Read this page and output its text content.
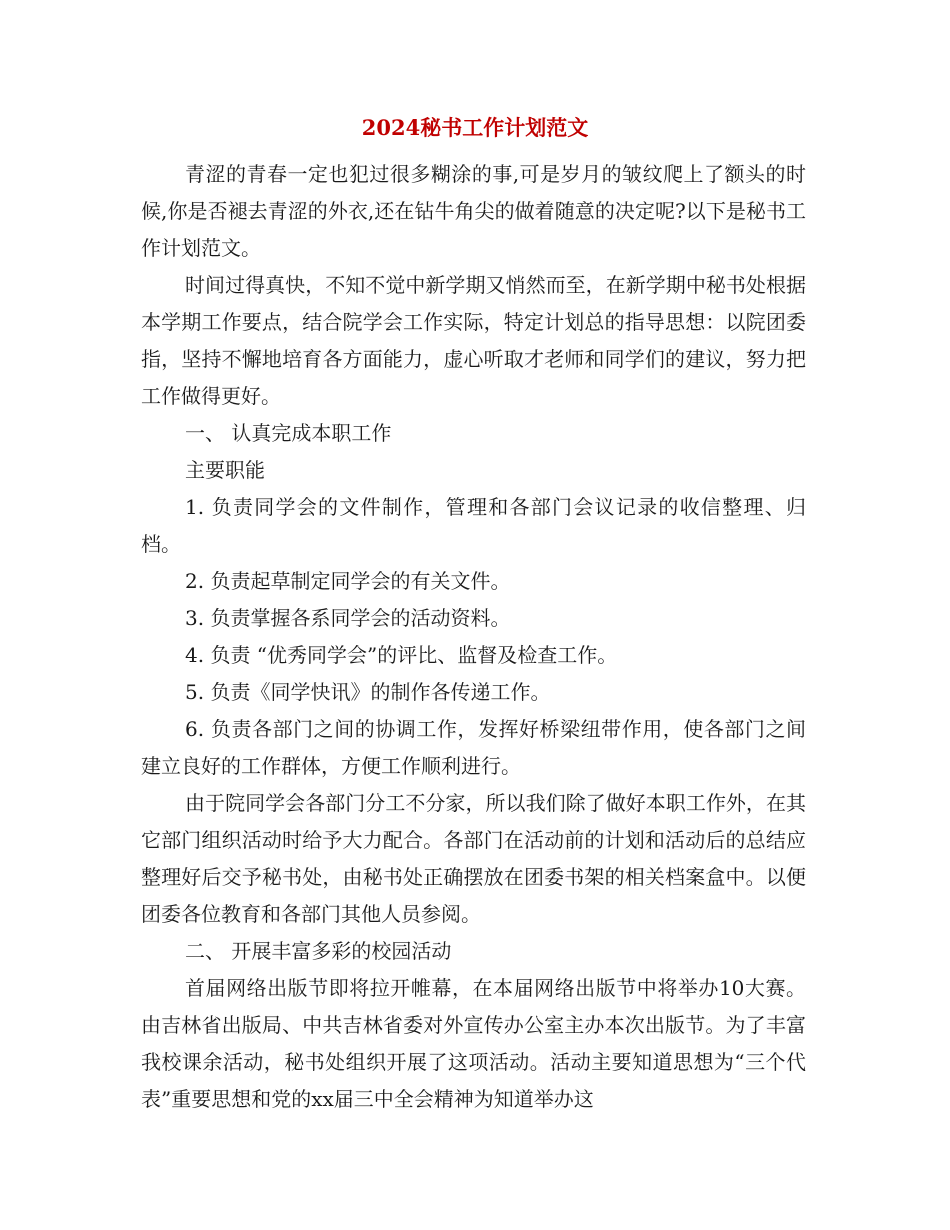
2024秘书工作计划范文

青涩的青春一定也犯过很多糊涂的事,可是岁月的皱纹爬上了额头的时候,你是否褪去青涩的外衣,还在钻牛角尖的做着随意的决定呢?以下是秘书工作计划范文。

时间过得真快，不知不觉中新学期又悄然而至，在新学期中秘书处根据本学期工作要点，结合院学会工作实际，特定计划总的指导思想：以院团委指，坚持不懈地培育各方面能力，虚心听取才老师和同学们的建议，努力把工作做得更好。

一、 认真完成本职工作

主要职能

1. 负责同学会的文件制作，管理和各部门会议记录的收信整理、归档。

2. 负责起草制定同学会的有关文件。

3. 负责掌握各系同学会的活动资料。

4. 负责 “优秀同学会”的评比、监督及检查工作。

5. 负责《同学快讯》的制作各传递工作。

6. 负责各部门之间的协调工作，发挥好桥梁纽带作用，使各部门之间建立良好的工作群体，方便工作顺利进行。

由于院同学会各部门分工不分家，所以我们除了做好本职工作外，在其它部门组织活动时给予大力配合。各部门在活动前的计划和活动后的总结应整理好后交予秘书处，由秘书处正确摆放在团委书架的相关档案盒中。以便团委各位教育和各部门其他人员参阅。

二、 开展丰富多彩的校园活动

首届网络出版节即将拉开帷幕，在本届网络出版节中将举办10大赛。由吉林省出版局、中共吉林省委对外宣传办公室主办本次出版节。为了丰富我校课余活动，秘书处组织开展了这项活动。活动主要知道思想为“三个代表”重要思想和党的xx届三中全会精神为知道举办这
